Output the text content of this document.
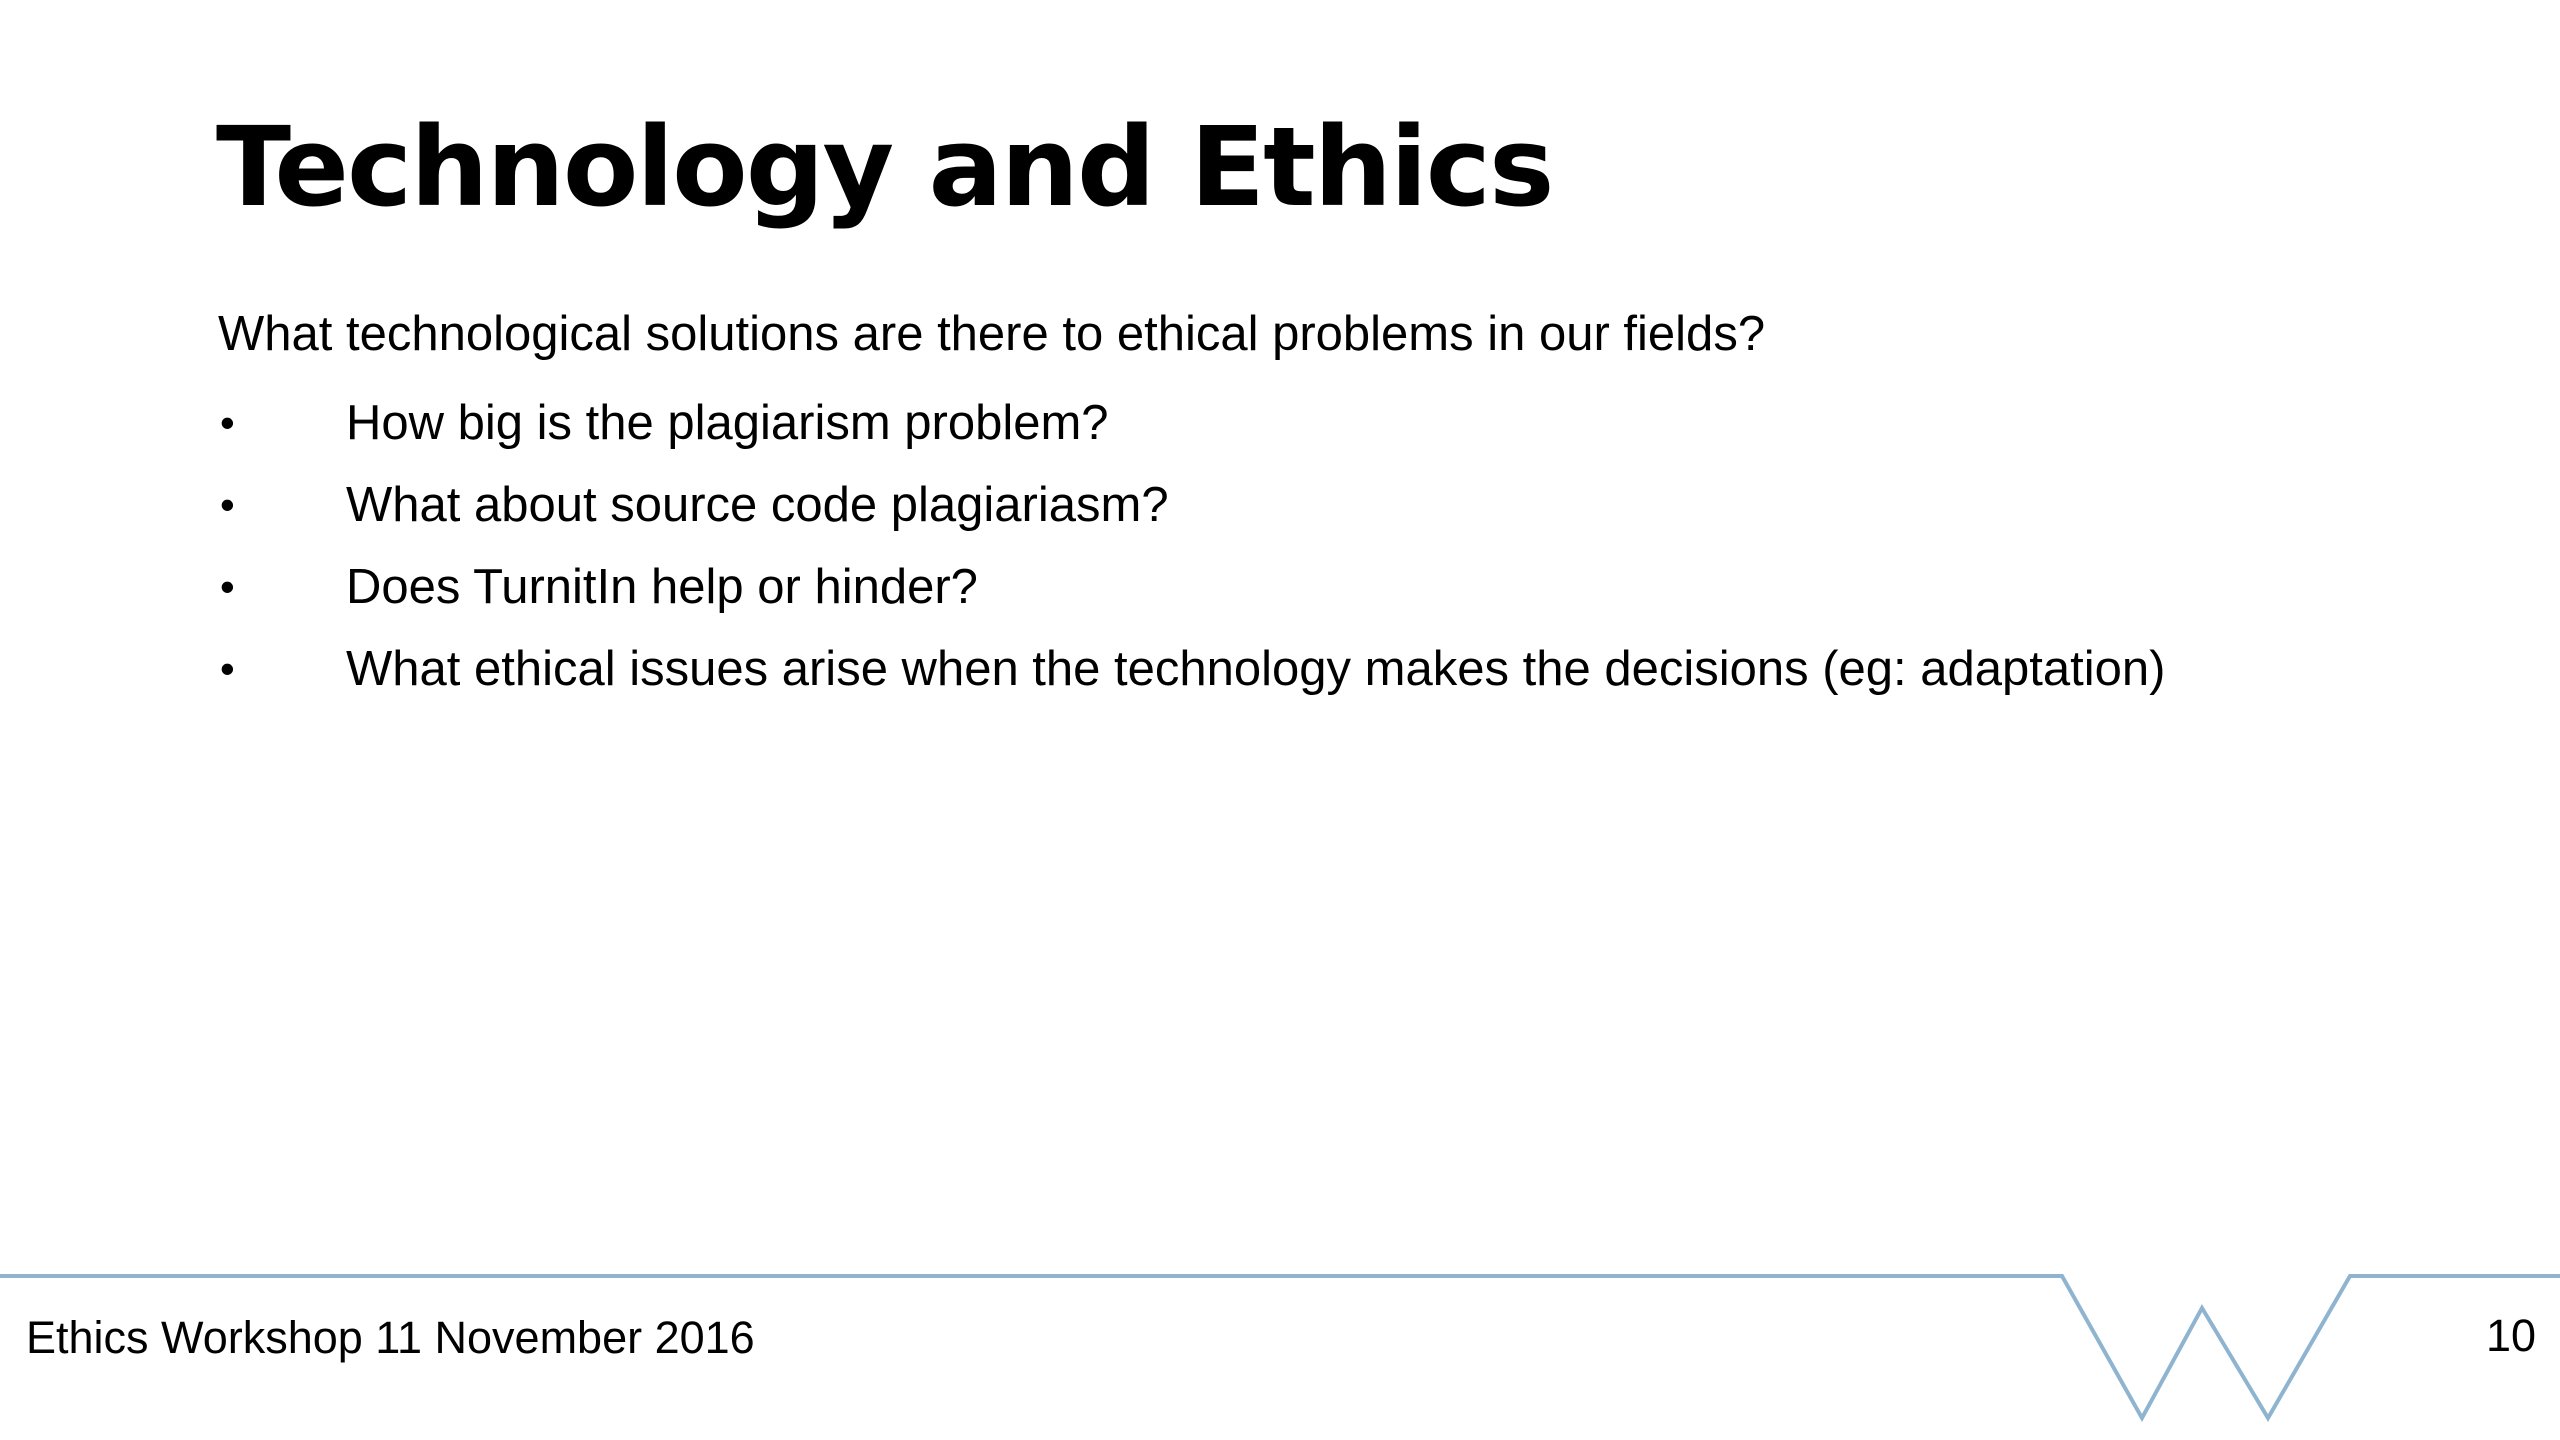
Technology and Ethics

What technological solutions are there to ethical problems in our fields?

• How big is the plagiarism problem?
• What about source code plagiariasm?
• Does TurnitIn help or hinder?
• What ethical issues arise when the technology makes the decisions (eg: adaptation)
Ethics Workshop 11 November 2016	10
